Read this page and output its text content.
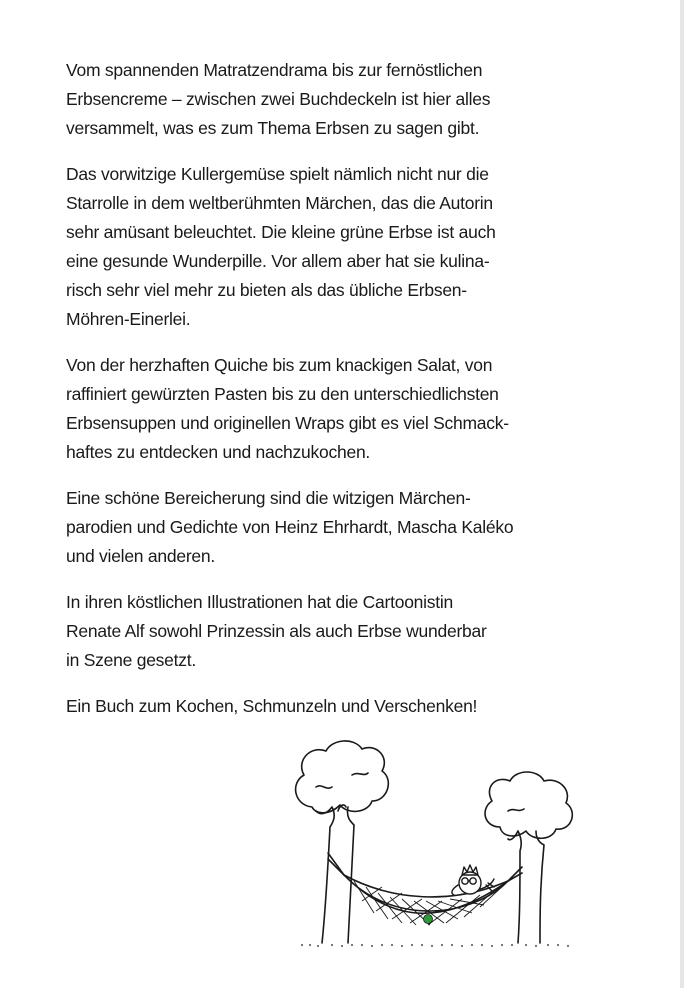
Vom spannenden Matratzendrama bis zur fernöstlichen
Erbsencreme – zwischen zwei Buchdeckeln ist hier alles
versammelt, was es zum Thema Erbsen zu sagen gibt.

Das vorwitzige Kullergemüse spielt nämlich nicht nur die
Starrolle in dem weltberühmten Märchen, das die Autorin
sehr amüsant beleuchtet. Die kleine grüne Erbse ist auch
eine gesunde Wunderpille. Vor allem aber hat sie kulina-
risch sehr viel mehr zu bieten als das übliche Erbsen-
Möhren-Einerlei.

Von der herzhaften Quiche bis zum knackigen Salat, von
raffiniert gewürzten Pasten bis zu den unterschiedlichsten
Erbsensuppen und originellen Wraps gibt es viel Schmack-
haftes zu entdecken und nachzukochen.

Eine schöne Bereicherung sind die witzigen Märchen-
parodien und Gedichte von Heinz Ehrhardt, Mascha Kaléko
und vielen anderen.

In ihren köstlichen Illustrationen hat die Cartoonistin
Renate Alf sowohl Prinzessin als auch Erbse wunderbar
in Szene gesetzt.

Ein Buch zum Kochen, Schmunzeln und Verschenken!
